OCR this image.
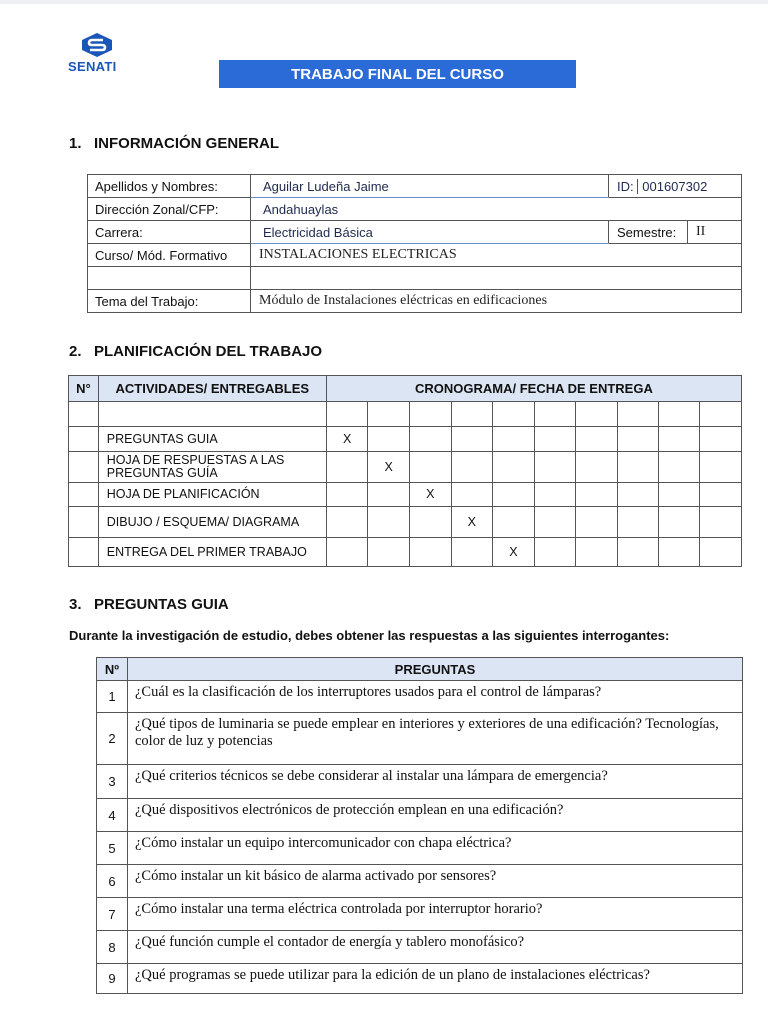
SENATI	TRABAJO FINAL DEL CURSO
1. INFORMACIÓN GENERAL
Apellidos y Nombres:	Aguilar Ludeña Jaime	ID: 001607302	
Dirección Zonal/CFP:	Andahuaylas		
Carrera:	Electricidad Básica	Semestre:	II
Curso/ Mód. Formativo	INSTALACIONES ELECTRICAS		

Tema del Trabajo:	Módulo de Instalaciones eléctricas en edificaciones		
2. PLANIFICACIÓN DEL TRABAJO
N°	ACTIVIDADES/ ENTREGABLES	CRONOGRAMA/ FECHA DE ENTREGA									

	PREGUNTAS GUIA	X									
	HOJA DE RESPUESTAS A LAS PREGUNTAS GUÍA		X								
	HOJA DE PLANIFICACIÓN			X							
	DIBUJO / ESQUEMA/ DIAGRAMA				X						
	ENTREGA DEL PRIMER TRABAJO					X					
3. PREGUNTAS GUIA
Durante la investigación de estudio, debes obtener las respuestas a las siguientes interrogantes:
Nº	PREGUNTAS
1	¿Cuál es la clasificación de los interruptores usados para el control de lámparas?
2	¿Qué tipos de luminaria se puede emplear en interiores y exteriores de una edificación? Tecnologías, color de luz y potencias
3	¿Qué criterios técnicos se debe considerar al instalar una lámpara de emergencia?
4	¿Qué dispositivos electrónicos de protección emplean en una edificación?
5	¿Cómo instalar un equipo intercomunicador con chapa eléctrica?
6	¿Cómo instalar un kit básico de alarma activado por sensores?
7	¿Cómo instalar una terma eléctrica controlada por interruptor horario?
8	¿Qué función cumple el contador de energía y tablero monofásico?
9	¿Qué programas se puede utilizar para la edición de un plano de instalaciones eléctricas?
